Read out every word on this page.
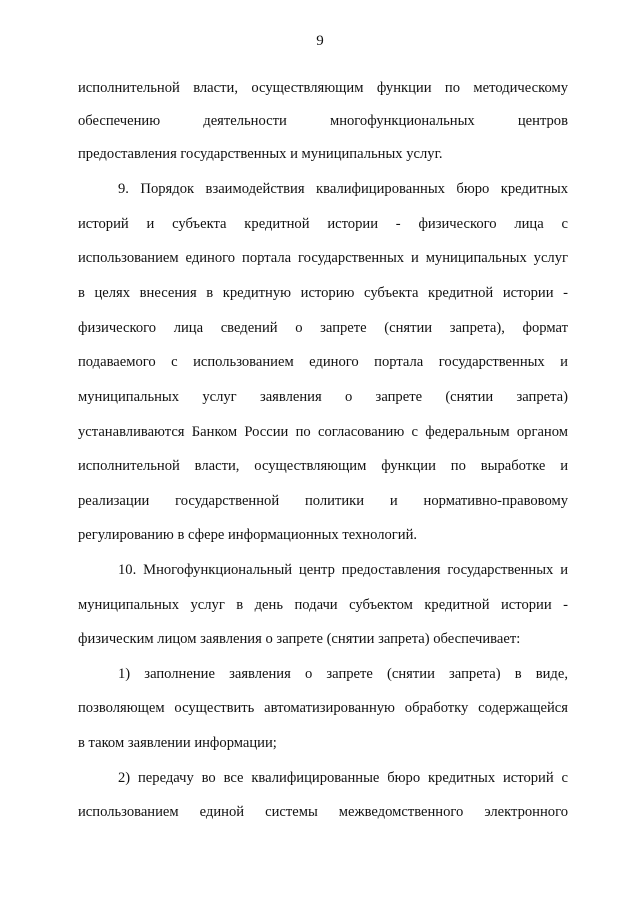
9
исполнительной власти, осуществляющим функции по методическому
обеспечению деятельности многофункциональных центров
предоставления государственных и муниципальных услуг.
9. Порядок взаимодействия квалифицированных бюро кредитных
историй и субъекта кредитной истории - физического лица с
использованием единого портала государственных и муниципальных услуг
в целях внесения в кредитную историю субъекта кредитной истории -
физического лица сведений о запрете (снятии запрета), формат
подаваемого с использованием единого портала государственных и
муниципальных услуг заявления о запрете (снятии запрета)
устанавливаются Банком России по согласованию с федеральным органом
исполнительной власти, осуществляющим функции по выработке и
реализации государственной политики и нормативно-правовому
регулированию в сфере информационных технологий.
10. Многофункциональный центр предоставления государственных и
муниципальных услуг в день подачи субъектом кредитной истории -
физическим лицом заявления о запрете (снятии запрета) обеспечивает:
1) заполнение заявления о запрете (снятии запрета) в виде,
позволяющем осуществить автоматизированную обработку содержащейся
в таком заявлении информации;
2) передачу во все квалифицированные бюро кредитных историй с
использованием единой системы межведомственного электронного
